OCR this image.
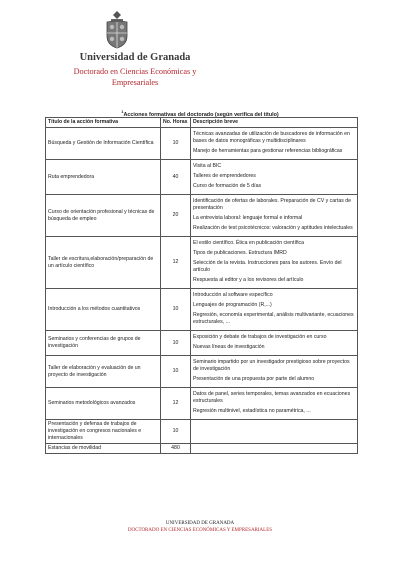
Universidad de Granada
Doctorado en Ciencias Económicas y
Empresariales
$^1$Acciones formativas del doctorado (según verifica del título)
Título de la acción formativa	No. Horas	Descripción breve
Búsqueda y Gestión de Información Científica	10	Técnicas avanzadas de utilización de buscadores de información en bases de datos monográficas y multidisciplinares
Manejo de herramientas para gestionar referencias bibliográficas

Ruta emprendedora	40	Visita al BIC
Talleres de emprendedores
Curso de formación de 5 días

Curso de orientación profesional y técnicas de búsqueda de empleo	20	Identificación de ofertas de laborales. Preparación de CV y cartas de presentación
La entrevista laboral: lenguaje formal e informal
Realización de test psicotécnicos: valoración y aptitudes intelectuales

Taller de escritura,elaboración/preparación de un artículo científico	12	El estilo científico. Ética en publicación científica
Tipos de publicaciones. Estructura IMRD
Selección de la revista. Instrucciones para los autores. Envío del artículo
Respuesta al editor y a los revisores del artículo

Introducción a los métodos cuantitativos	10	Introducción al software específico
Lenguajes de programación (R,...)
Regresión, economía experimental, análisis multivariante, ecuaciones estructurales, ...

Seminarios y conferencias de grupos de investigación	10	Exposición y debate de trabajos de investigación en curso
Nuevas líneas de investigación

Taller de elaboración y evaluación de un proyecto de investigación	10	Seminario impartido por un investigador prestigioso sobre proyectos de investigación
Presentación de una propuesta por parte del alumno

Seminarios metodológicos avanzados	12	Datos de panel, series temporales, temas avanzados en ecuaciones estructurales
Regresión multinivel, estadística no paramétrica, ...

Presentación y defensa de trabajos de investigación en congresos nacionales e internacionales	10	
Estancias de movilidad	480	
UNIVERSIDAD DE GRANADA
DOCTORADO EN CIENCIAS ECONÓMICAS Y EMPRESARIALES
